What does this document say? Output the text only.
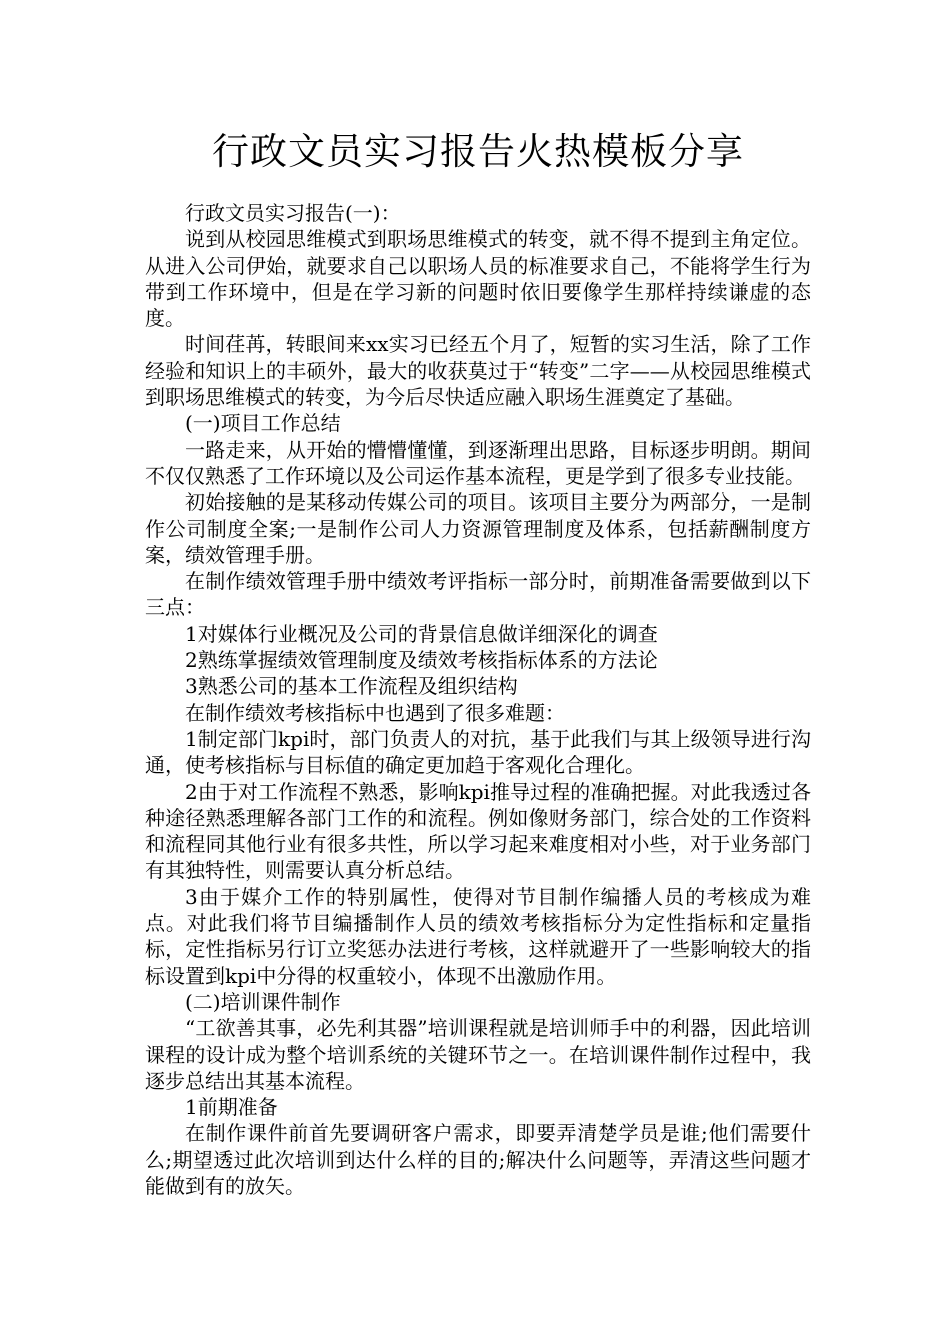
行政文员实习报告火热模板分享

行政文员实习报告(一)：

说到从校园思维模式到职场思维模式的转变，就不得不提到主角定位。从进入公司伊始，就要求自己以职场人员的标准要求自己，不能将学生行为带到工作环境中，但是在学习新的问题时依旧要像学生那样持续谦虚的态度。

时间荏苒，转眼间来xx实习已经五个月了，短暂的实习生活，除了工作经验和知识上的丰硕外，最大的收获莫过于“转变”二字——从校园思维模式到职场思维模式的转变，为今后尽快适应融入职场生涯奠定了基础。

(一)项目工作总结

一路走来，从开始的懵懵懂懂，到逐渐理出思路，目标逐步明朗。期间不仅仅熟悉了工作环境以及公司运作基本流程，更是学到了很多专业技能。

初始接触的是某移动传媒公司的项目。该项目主要分为两部分，一是制作公司制度全案;一是制作公司人力资源管理制度及体系，包括薪酬制度方案，绩效管理手册。

在制作绩效管理手册中绩效考评指标一部分时，前期准备需要做到以下三点：

1对媒体行业概况及公司的背景信息做详细深化的调查

2熟练掌握绩效管理制度及绩效考核指标体系的方法论

3熟悉公司的基本工作流程及组织结构

在制作绩效考核指标中也遇到了很多难题：

1制定部门kpi时，部门负责人的对抗，基于此我们与其上级领导进行沟通，使考核指标与目标值的确定更加趋于客观化合理化。

2由于对工作流程不熟悉，影响kpi推导过程的准确把握。对此我透过各种途径熟悉理解各部门工作的和流程。例如像财务部门，综合处的工作资料和流程同其他行业有很多共性，所以学习起来难度相对小些，对于业务部门有其独特性，则需要认真分析总结。

3由于媒介工作的特别属性，使得对节目制作编播人员的考核成为难点。对此我们将节目编播制作人员的绩效考核指标分为定性指标和定量指标，定性指标另行订立奖惩办法进行考核，这样就避开了一些影响较大的指标设置到kpi中分得的权重较小，体现不出激励作用。

(二)培训课件制作

“工欲善其事，必先利其器”培训课程就是培训师手中的利器，因此培训课程的设计成为整个培训系统的关键环节之一。在培训课件制作过程中，我逐步总结出其基本流程。

1前期准备

在制作课件前首先要调研客户需求，即要弄清楚学员是谁;他们需要什么;期望透过此次培训到达什么样的目的;解决什么问题等，弄清这些问题才能做到有的放矢。
